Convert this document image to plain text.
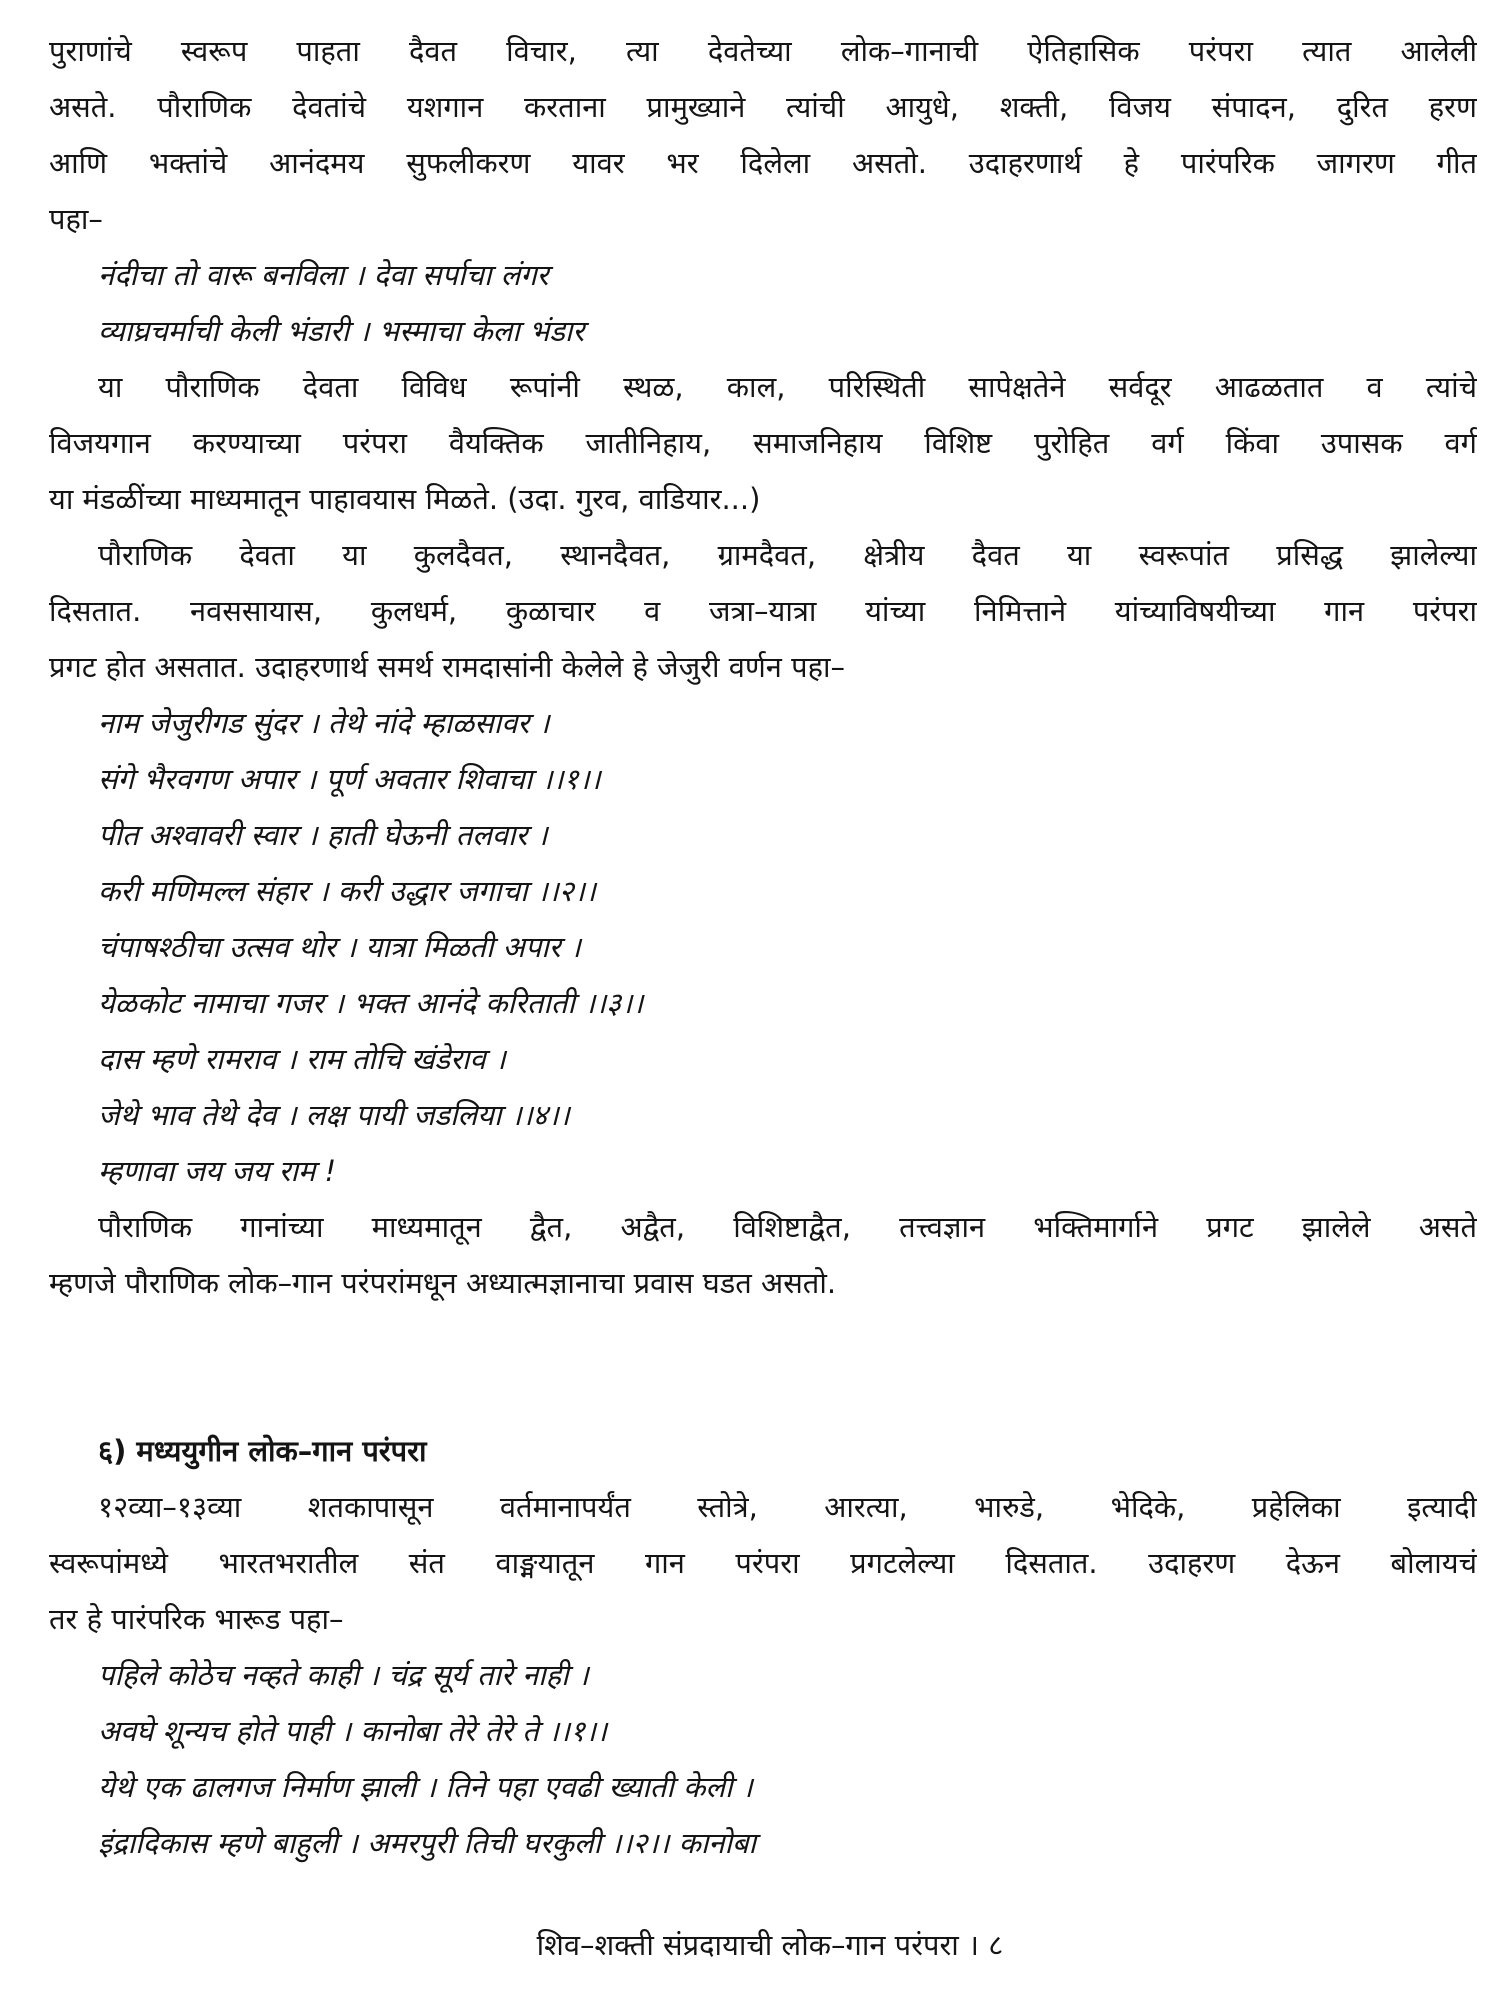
पुराणांचे स्वरूप पाहता दैवत विचार, त्या देवतेच्या लोक–गानाची ऐतिहासिक परंपरा त्यात आलेली
असते. पौराणिक देवतांचे यशगान करताना प्रामुख्याने त्यांची आयुधे, शक्ती, विजय संपादन, दुरित हरण
आणि भक्तांचे आनंदमय सुफलीकरण यावर भर दिलेला असतो. उदाहरणार्थ हे पारंपरिक जागरण गीत
पहा–
नंदीचा तो वारू बनविला । देवा सर्पाचा लंगर
व्याघ्रचर्माची केली भंडारी । भस्माचा केला भंडार
या पौराणिक देवता विविध रूपांनी स्थळ, काल, परिस्थिती सापेक्षतेने सर्वदूर आढळतात व त्यांचे
विजयगान करण्याच्या परंपरा वैयक्तिक जातीनिहाय, समाजनिहाय विशिष्ट पुरोहित वर्ग किंवा उपासक वर्ग
या मंडळींच्या माध्यमातून पाहावयास मिळते. (उदा. गुरव, वाडियार...)
पौराणिक देवता या कुलदैवत, स्थानदैवत, ग्रामदैवत, क्षेत्रीय दैवत या स्वरूपांत प्रसिद्ध झालेल्या
दिसतात. नवससायास, कुलधर्म, कुळाचार व जत्रा–यात्रा यांच्या निमित्ताने यांच्याविषयीच्या गान परंपरा
प्रगट होत असतात. उदाहरणार्थ समर्थ रामदासांनी केलेले हे जेजुरी वर्णन पहा–
नाम जेजुरीगड सुंदर । तेथे नांदे म्हाळसावर ।
संगे भैरवगण अपार । पूर्ण अवतार शिवाचा ।।१।।
पीत अश्वावरी स्वार । हाती घेऊनी तलवार ।
करी मणिमल्ल संहार । करी उद्धार जगाचा ।।२।।
चंपाषश्ठीचा उत्सव थोर । यात्रा मिळती अपार ।
येळकोट नामाचा गजर । भक्त आनंदे करिताती ।।३।।
दास म्हणे रामराव । राम तोचि खंडेराव ।
जेथे भाव तेथे देव । लक्ष पायी जडलिया ।।४।।
म्हणावा जय जय राम !
पौराणिक गानांच्या माध्यमातून द्वैत, अद्वैत, विशिष्टाद्वैत, तत्त्वज्ञान भक्तिमार्गाने प्रगट झालेले असते
म्हणजे पौराणिक लोक–गान परंपरांमधून अध्यात्मज्ञानाचा प्रवास घडत असतो.
६) मध्ययुगीन लोक–गान परंपरा
१२व्या–१३व्या शतकापासून वर्तमानापर्यंत स्तोत्रे, आरत्या, भारुडे, भेदिके, प्रहेलिका इत्यादी
स्वरूपांमध्ये भारतभरातील संत वाङ्मयातून गान परंपरा प्रगटलेल्या दिसतात. उदाहरण देऊन बोलायचं
तर हे पारंपरिक भारूड पहा–
पहिले कोठेच नव्हते काही । चंद्र सूर्य तारे नाही ।
अवघे शून्यच होते पाही । कानोबा तेरे तेरे ते ।।१।।
येथे एक ढालगज निर्माण झाली । तिने पहा एवढी ख्याती केली ।
इंद्रादिकास म्हणे बाहुली । अमरपुरी तिची घरकुली ।।२।। कानोबा
शिव–शक्ती संप्रदायाची लोक–गान परंपरा । ८
